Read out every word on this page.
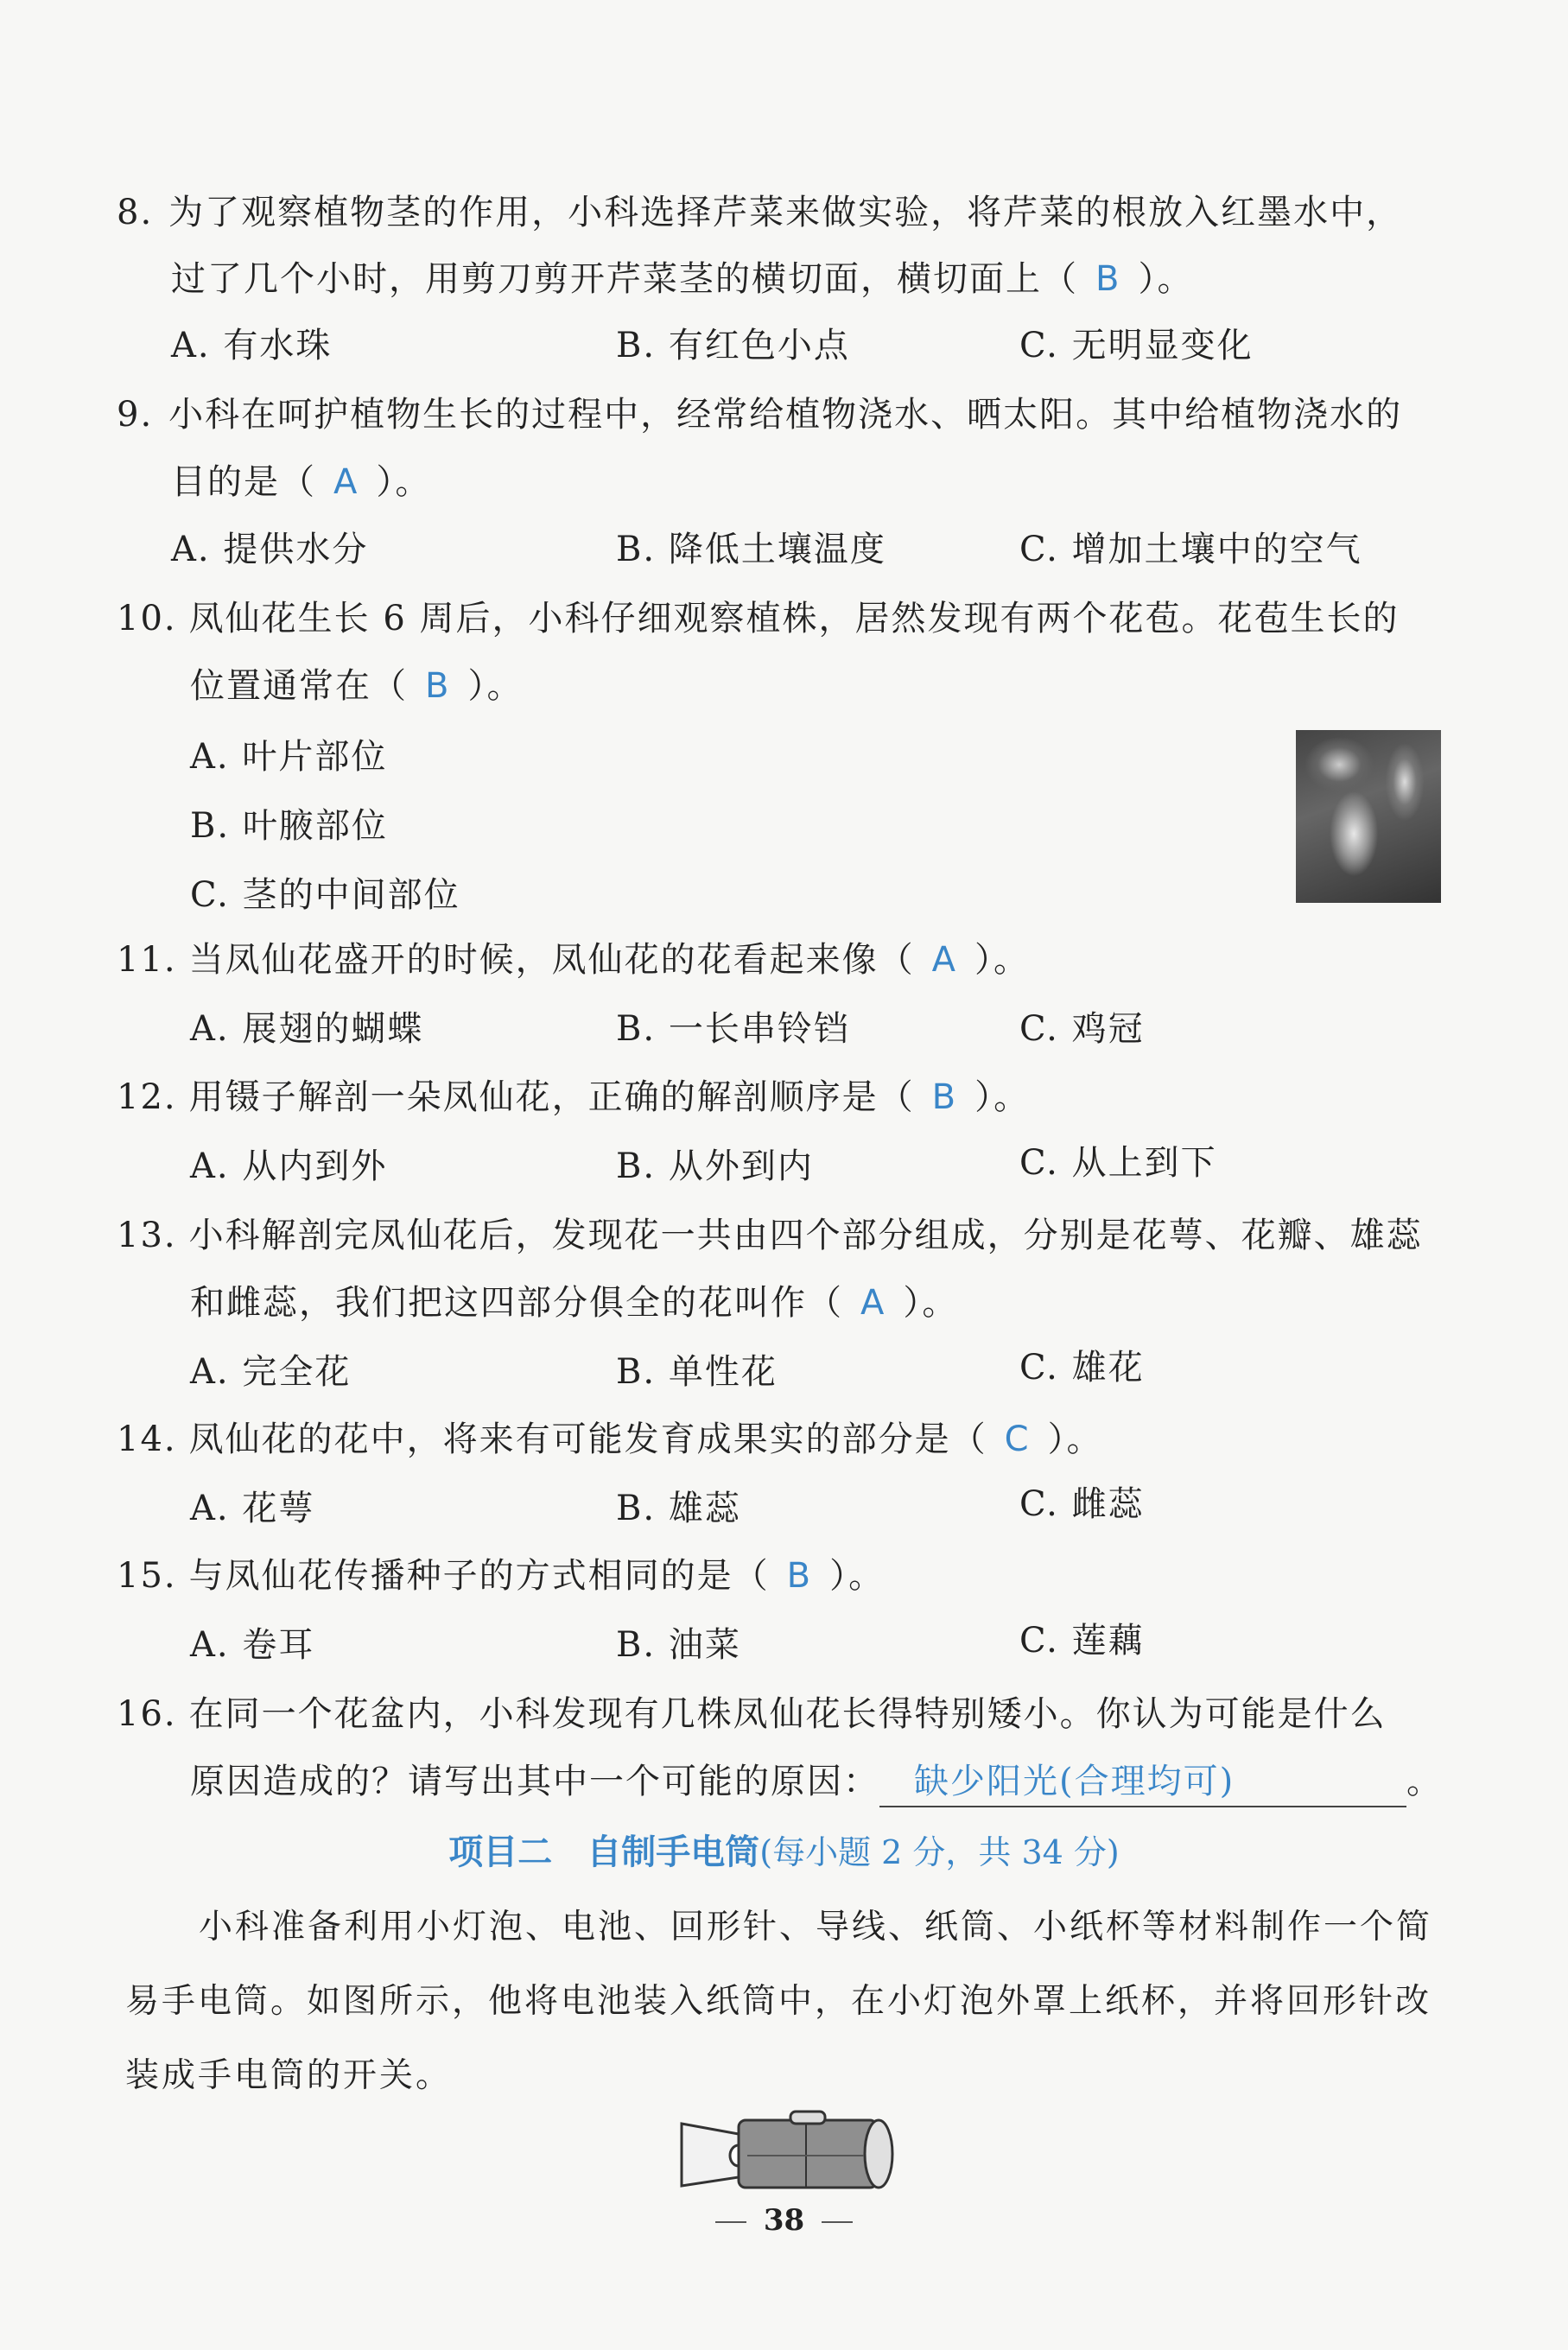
8. 为了观察植物茎的作用，小科选择芹菜来做实验，将芹菜的根放入红墨水中，
过了几个小时，用剪刀剪开芹菜茎的横切面，横切面上（ B ）。
A. 有水珠	B. 有红色小点	C. 无明显变化
9. 小科在呵护植物生长的过程中，经常给植物浇水、晒太阳。其中给植物浇水的
目的是（ A ）。
A. 提供水分	B. 降低土壤温度	C. 增加土壤中的空气
10. 凤仙花生长 6 周后，小科仔细观察植株，居然发现有两个花苞。花苞生长的
位置通常在（ B ）。
A. 叶片部位
B. 叶腋部位
C. 茎的中间部位
11. 当凤仙花盛开的时候，凤仙花的花看起来像（ A ）。
A. 展翅的蝴蝶	B. 一长串铃铛	C. 鸡冠
12. 用镊子解剖一朵凤仙花，正确的解剖顺序是（ B ）。
A. 从内到外	B. 从外到内	C. 从上到下
13. 小科解剖完凤仙花后，发现花一共由四个部分组成，分别是花萼、花瓣、雄蕊
和雌蕊，我们把这四部分俱全的花叫作（ A ）。
A. 完全花	B. 单性花	C. 雄花
14. 凤仙花的花中，将来有可能发育成果实的部分是（ C ）。
A. 花萼	B. 雄蕊	C. 雌蕊
15. 与凤仙花传播种子的方式相同的是（ B ）。
A. 卷耳	B. 油菜	C. 莲藕
16. 在同一个花盆内，小科发现有几株凤仙花长得特别矮小。你认为可能是什么
原因造成的？请写出其中一个可能的原因： 缺少阳光(合理均可)	。
项目二　自制手电筒(每小题 2 分，共 34 分)
小科准备利用小灯泡、电池、回形针、导线、纸筒、小纸杯等材料制作一个简易手电筒。如图所示，他将电池装入纸筒中，在小灯泡外罩上纸杯，并将回形针改装成手电筒的开关。
38
